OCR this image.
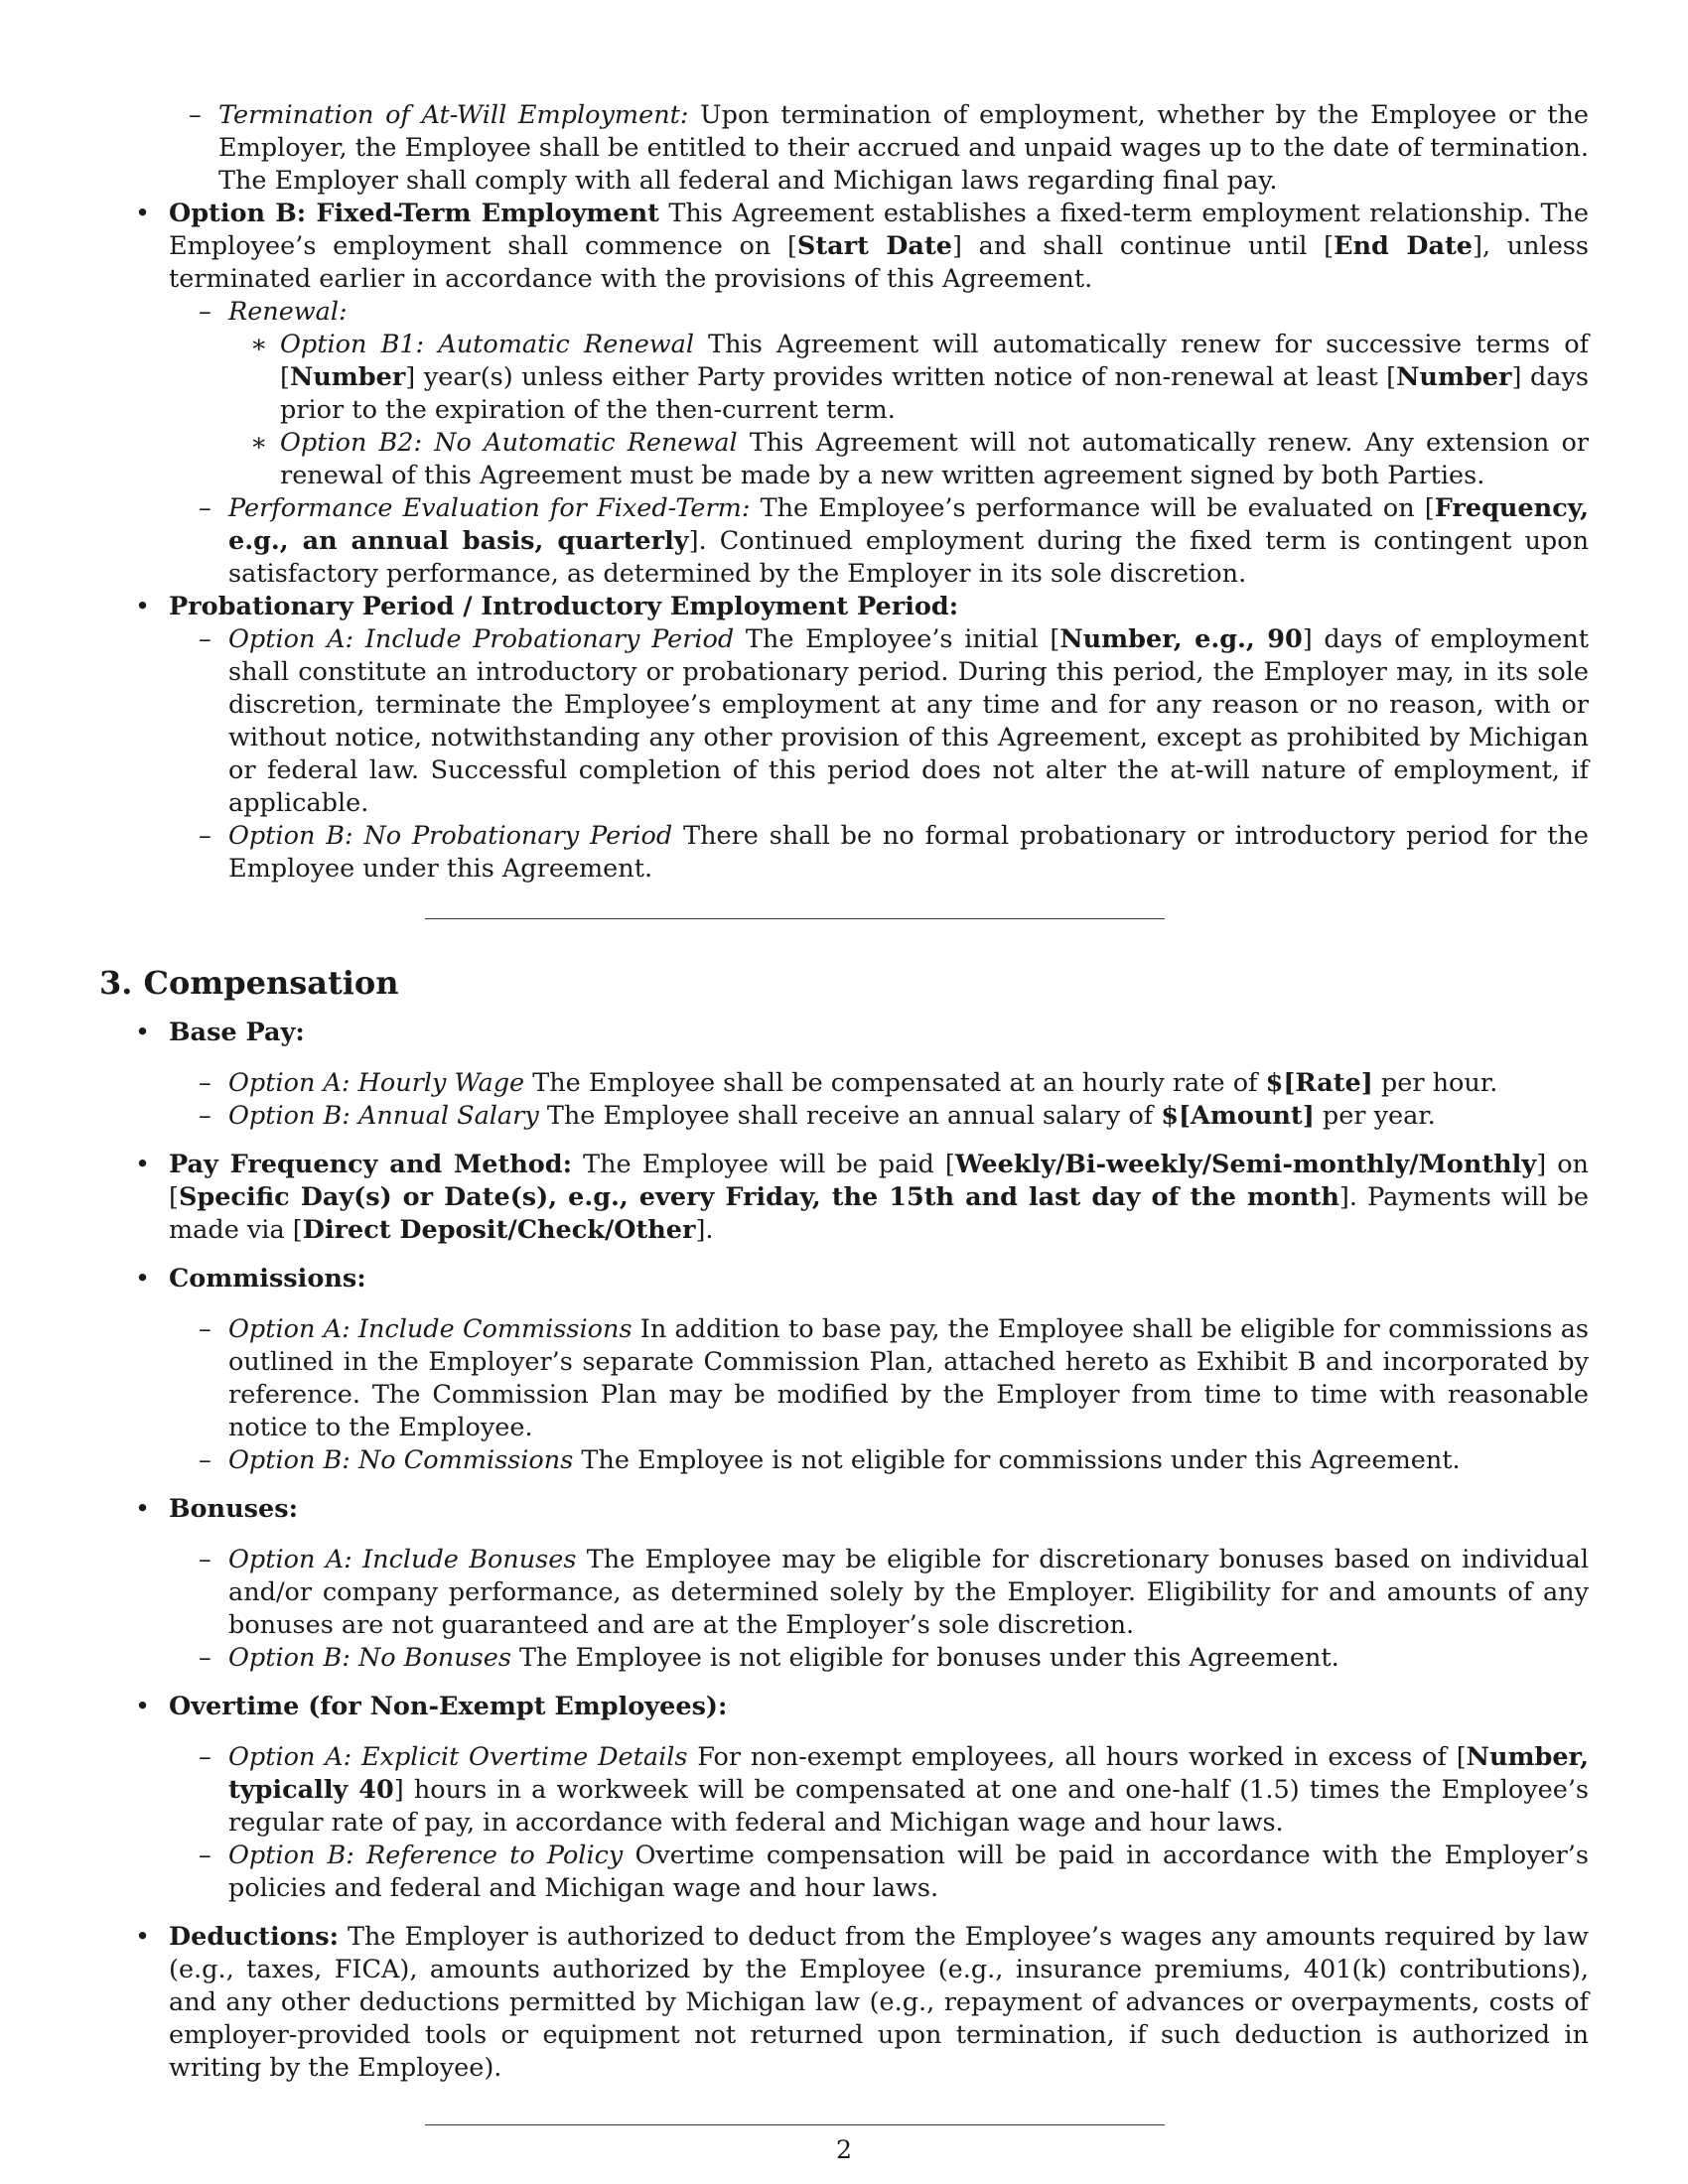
– Termination of At-Will Employment: Upon termination of employment, whether by the Employee or the Employer, the Employee shall be entitled to their accrued and unpaid wages up to the date of termination. The Employer shall comply with all federal and Michigan laws regarding final pay.

• Option B: Fixed-Term Employment This Agreement establishes a fixed-term employment relationship. The Employee’s employment shall commence on [Start Date] and shall continue until [End Date], unless terminated earlier in accordance with the provisions of this Agreement.

– Renewal:

∗ Option B1: Automatic Renewal This Agreement will automatically renew for successive terms of [Number] year(s) unless either Party provides written notice of non-renewal at least [Number] days prior to the expiration of the then-current term.
∗ Option B2: No Automatic Renewal This Agreement will not automatically renew. Any extension or renewal of this Agreement must be made by a new written agreement signed by both Parties.
– Performance Evaluation for Fixed-Term: The Employee’s performance will be evaluated on [Frequency, e.g., an annual basis, quarterly]. Continued employment during the fixed term is contingent upon satisfactory performance, as determined by the Employer in its sole discretion.

• Probationary Period / Introductory Employment Period:

– Option A: Include Probationary Period The Employee’s initial [Number, e.g., 90] days of employment shall constitute an introductory or probationary period. During this period, the Employer may, in its sole discretion, terminate the Employee’s employment at any time and for any reason or no reason, with or without notice, notwithstanding any other provision of this Agreement, except as prohibited by Michigan or federal law. Successful completion of this period does not alter the at-will nature of employment, if applicable.
– Option B: No Probationary Period There shall be no formal probationary or introductory period for the Employee under this Agreement.
3. Compensation

• Base Pay:

– Option A: Hourly Wage The Employee shall be compensated at an hourly rate of $[Rate] per hour.
– Option B: Annual Salary The Employee shall receive an annual salary of $[Amount] per year.

• Pay Frequency and Method: The Employee will be paid [Weekly/Bi-weekly/Semi-monthly/Monthly] on [Specific Day(s) or Date(s), e.g., every Friday, the 15th and last day of the month]. Payments will be made via [Direct Deposit/Check/Other].

• Commissions:

– Option A: Include Commissions In addition to base pay, the Employee shall be eligible for commissions as outlined in the Employer’s separate Commission Plan, attached hereto as Exhibit B and incorporated by reference. The Commission Plan may be modified by the Employer from time to time with reasonable notice to the Employee.
– Option B: No Commissions The Employee is not eligible for commissions under this Agreement.

• Bonuses:

– Option A: Include Bonuses The Employee may be eligible for discretionary bonuses based on individual and/or company performance, as determined solely by the Employer. Eligibility for and amounts of any bonuses are not guaranteed and are at the Employer’s sole discretion.
– Option B: No Bonuses The Employee is not eligible for bonuses under this Agreement.

• Overtime (for Non-Exempt Employees):

– Option A: Explicit Overtime Details For non-exempt employees, all hours worked in excess of [Number, typically 40] hours in a workweek will be compensated at one and one-half (1.5) times the Employee’s regular rate of pay, in accordance with federal and Michigan wage and hour laws.
– Option B: Reference to Policy Overtime compensation will be paid in accordance with the Employer’s policies and federal and Michigan wage and hour laws.

• Deductions: The Employer is authorized to deduct from the Employee’s wages any amounts required by law (e.g., taxes, FICA), amounts authorized by the Employee (e.g., insurance premiums, 401(k) contributions), and any other deductions permitted by Michigan law (e.g., repayment of advances or overpayments, costs of employer-provided tools or equipment not returned upon termination, if such deduction is authorized in writing by the Employee).

2
